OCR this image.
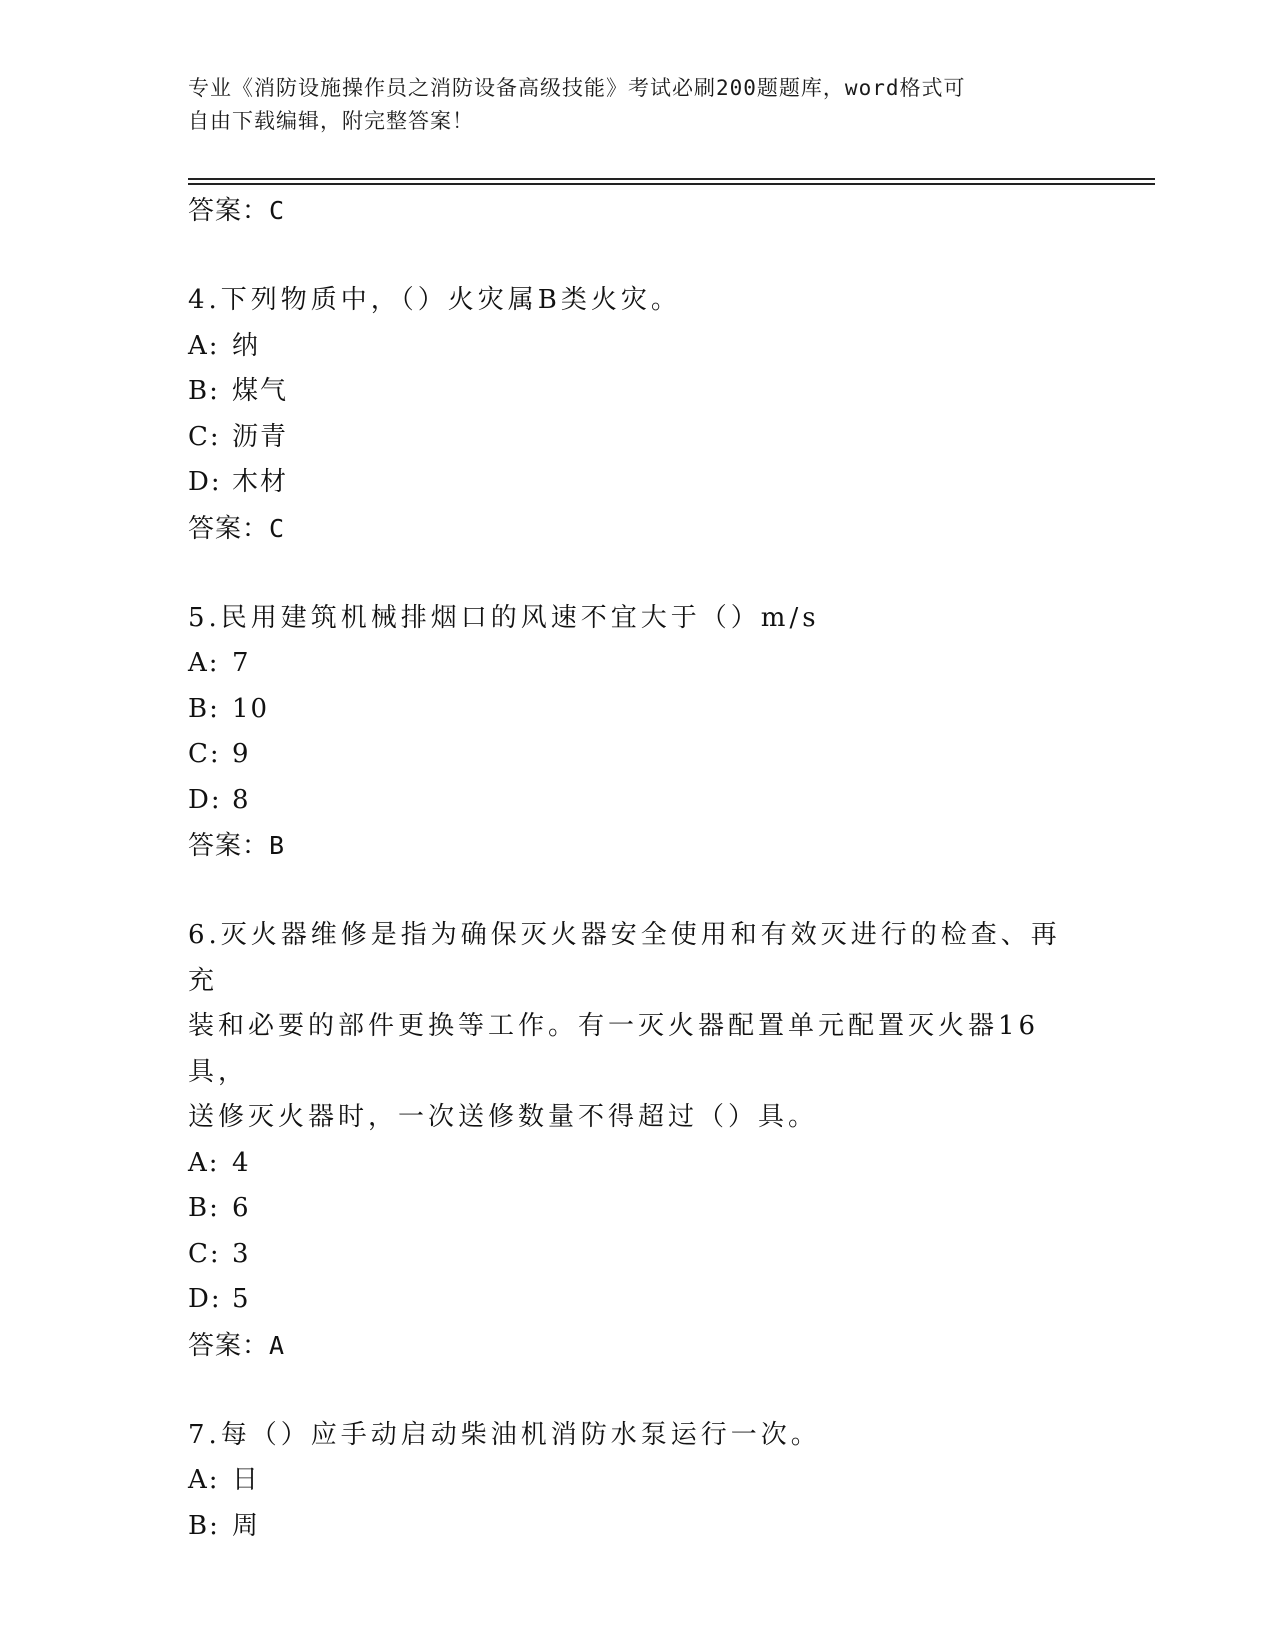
专业《消防设施操作员之消防设备高级技能》考试必刷200题题库，word格式可
自由下载编辑，附完整答案！
答案：C
4.下列物质中，（）火灾属B类火灾。
A: 纳
B: 煤气
C: 沥青
D: 木材
答案：C
5.民用建筑机械排烟口的风速不宜大于（）m/s
A: 7
B: 10
C: 9
D: 8
答案：B
6.灭火器维修是指为确保灭火器安全使用和有效灭进行的检查、再充
装和必要的部件更换等工作。有一灭火器配置单元配置灭火器16具，
送修灭火器时，一次送修数量不得超过（）具。
A: 4
B: 6
C: 3
D: 5
答案：A
7.每（）应手动启动柴油机消防水泵运行一次。
A: 日
B: 周
